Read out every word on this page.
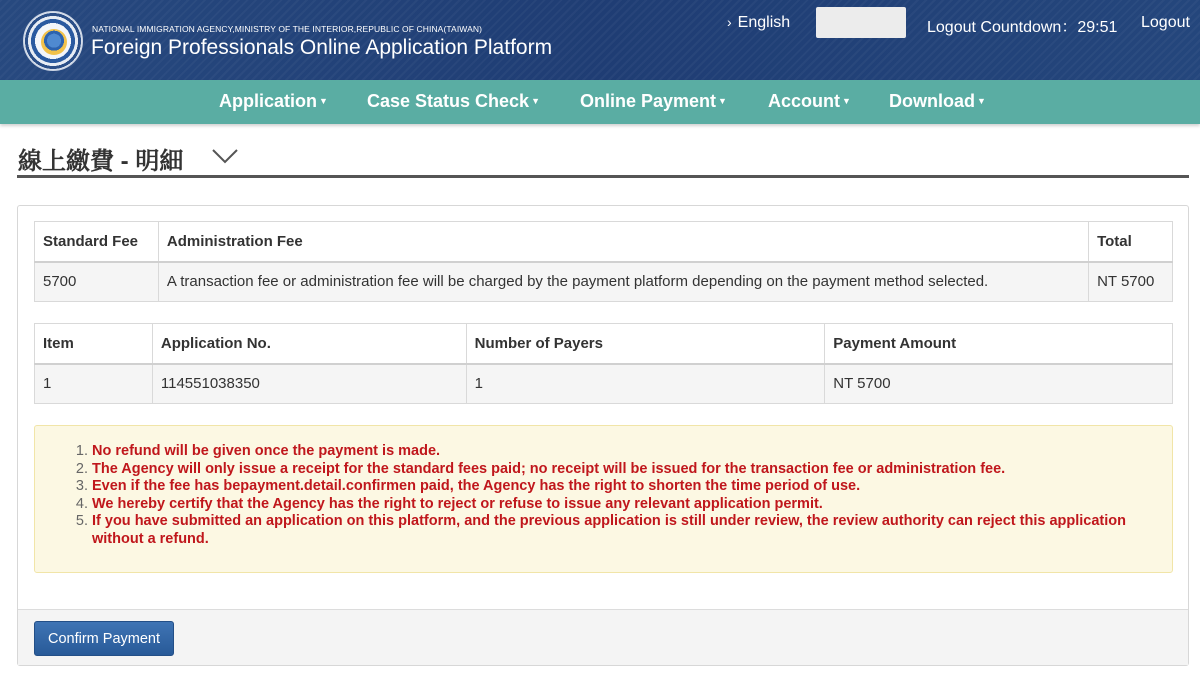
NATIONAL IMMIGRATION AGENCY,MINISTRY OF THE INTERIOR,REPUBLIC OF CHINA(TAIWAN)
Foreign Professionals Online Application Platform
› English	Logout Countdown：29:51 Logout
Application ▼ Case Status Check ▼ Online Payment ▼ Account ▼ Download ▼
線上繳費 - 明細
Standard Fee	Administration Fee	Total
5700	A transaction fee or administration fee will be charged by the payment platform depending on the payment method selected.	NT 5700
Item	Application No.	Number of Payers	Payment Amount
1	114551038350	1	NT 5700
1. No refund will be given once the payment is made.
2. The Agency will only issue a receipt for the standard fees paid; no receipt will be issued for the transaction fee or administration fee.
3. Even if the fee has bepayment.detail.confirmen paid, the Agency has the right to shorten the time period of use.
4. We hereby certify that the Agency has the right to reject or refuse to issue any relevant application permit.
5. If you have submitted an application on this platform, and the previous application is still under review, the review authority can reject this application without a refund.
Confirm Payment
